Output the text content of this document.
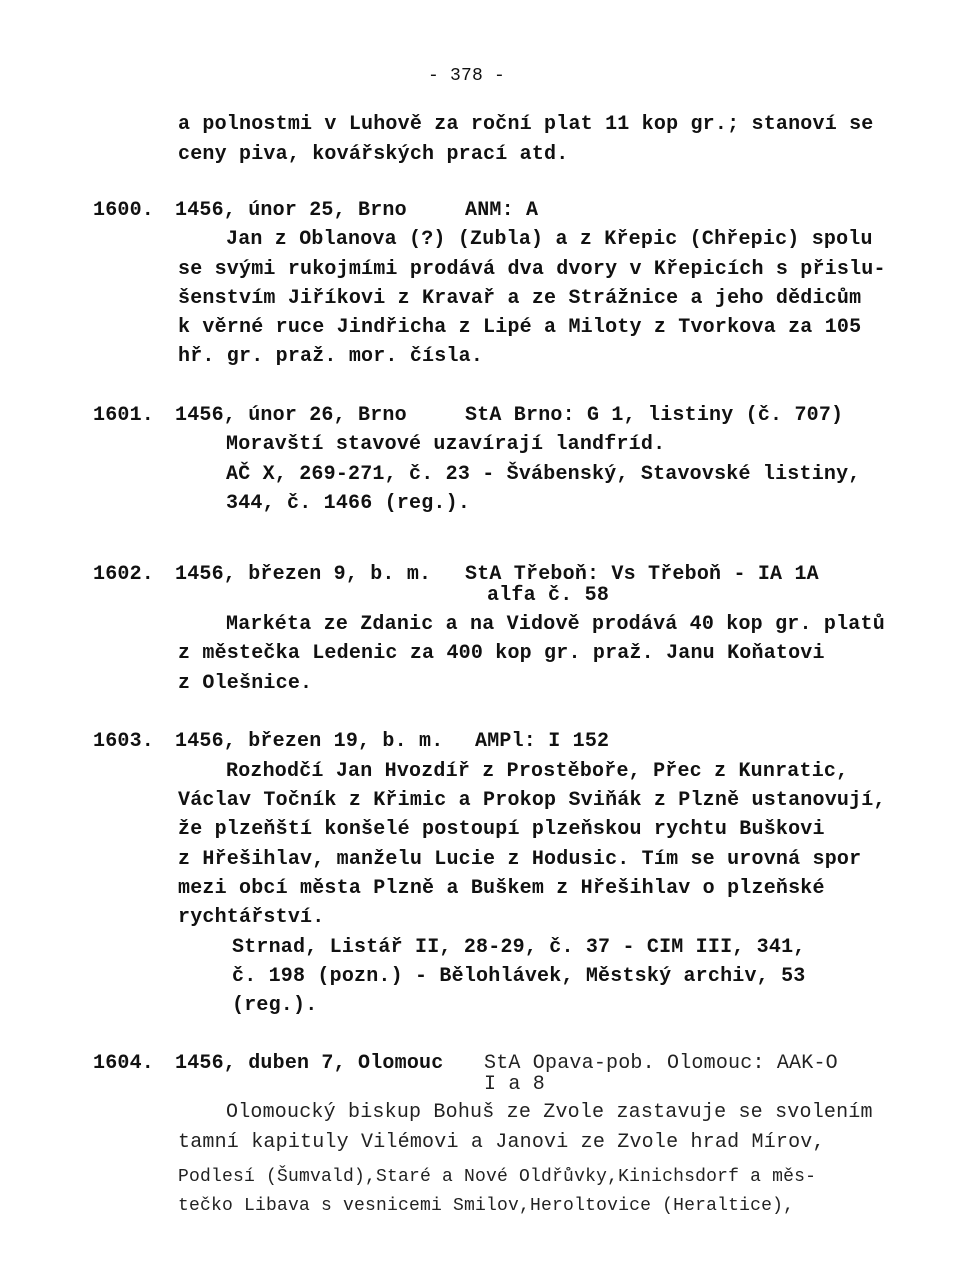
- 378 -
a polnostmi v Luhově za roční plat 11 kop gr.; stanoví se
ceny piva, kovářských prací atd.
1600. 1456, únor 25, Brno	ANM: A
Jan z Oblanova (?) (Zubla) a z Křepic (Chřepic) spolu
se svými rukojmími prodává dva dvory v Křepicích s přislu-
šenstvím Jiříkovi z Kravař a ze Strážnice a jeho dědicům
k věrné ruce Jindřicha z Lipé a Miloty z Tvorkova za 105
hř. gr. praž. mor. čísla.
1601. 1456, únor 26, Brno	StA Brno: G 1, listiny (č. 707)
Moravští stavové uzavírají landfríd.
AČ X, 269-271, č. 23 - Švábenský, Stavovské listiny,
344, č. 1466 (reg.).
1602. 1456, březen 9, b. m. StA Třeboň: Vs Třeboň - IA 1A
alfa č. 58
Markéta ze Zdanic a na Vidově prodává 40 kop gr. platů
z městečka Ledenic za 400 kop gr. praž. Janu Koňatovi
z Olešnice.
1603. 1456, březen 19, b. m. AMPl: I 152
Rozhodčí Jan Hvozdíř z Prostěboře, Přec z Kunratic,
Václav Točník z Křimic a Prokop Sviňák z Plzně ustanovují,
že plzeňští konšelé postoupí plzeňskou rychtu Buškovi
z Hřešihlav, manželu Lucie z Hodusic. Tím se urovná spor
mezi obcí města Plzně a Buškem z Hřešihlav o plzeňské
rychtářství.
Strnad, Listář II, 28-29, č. 37 - CIM III, 341,
č. 198 (pozn.) - Bělohlávek, Městský archiv, 53
(reg.).
1604. 1456, duben 7, Olomouc StA Opava-pob. Olomouc: AAK-O
I a 8
Olomoucký biskup Bohuš ze Zvole zastavuje se svolením
tamní kapituly Vilémovi a Janovi ze Zvole hrad Mírov,
Podlesí (Šumvald),Staré a Nové Oldřůvky,Kinichsdorf a měs-
tečko Libava s vesnicemi Smilov,Heroltovice (Heraltice),
